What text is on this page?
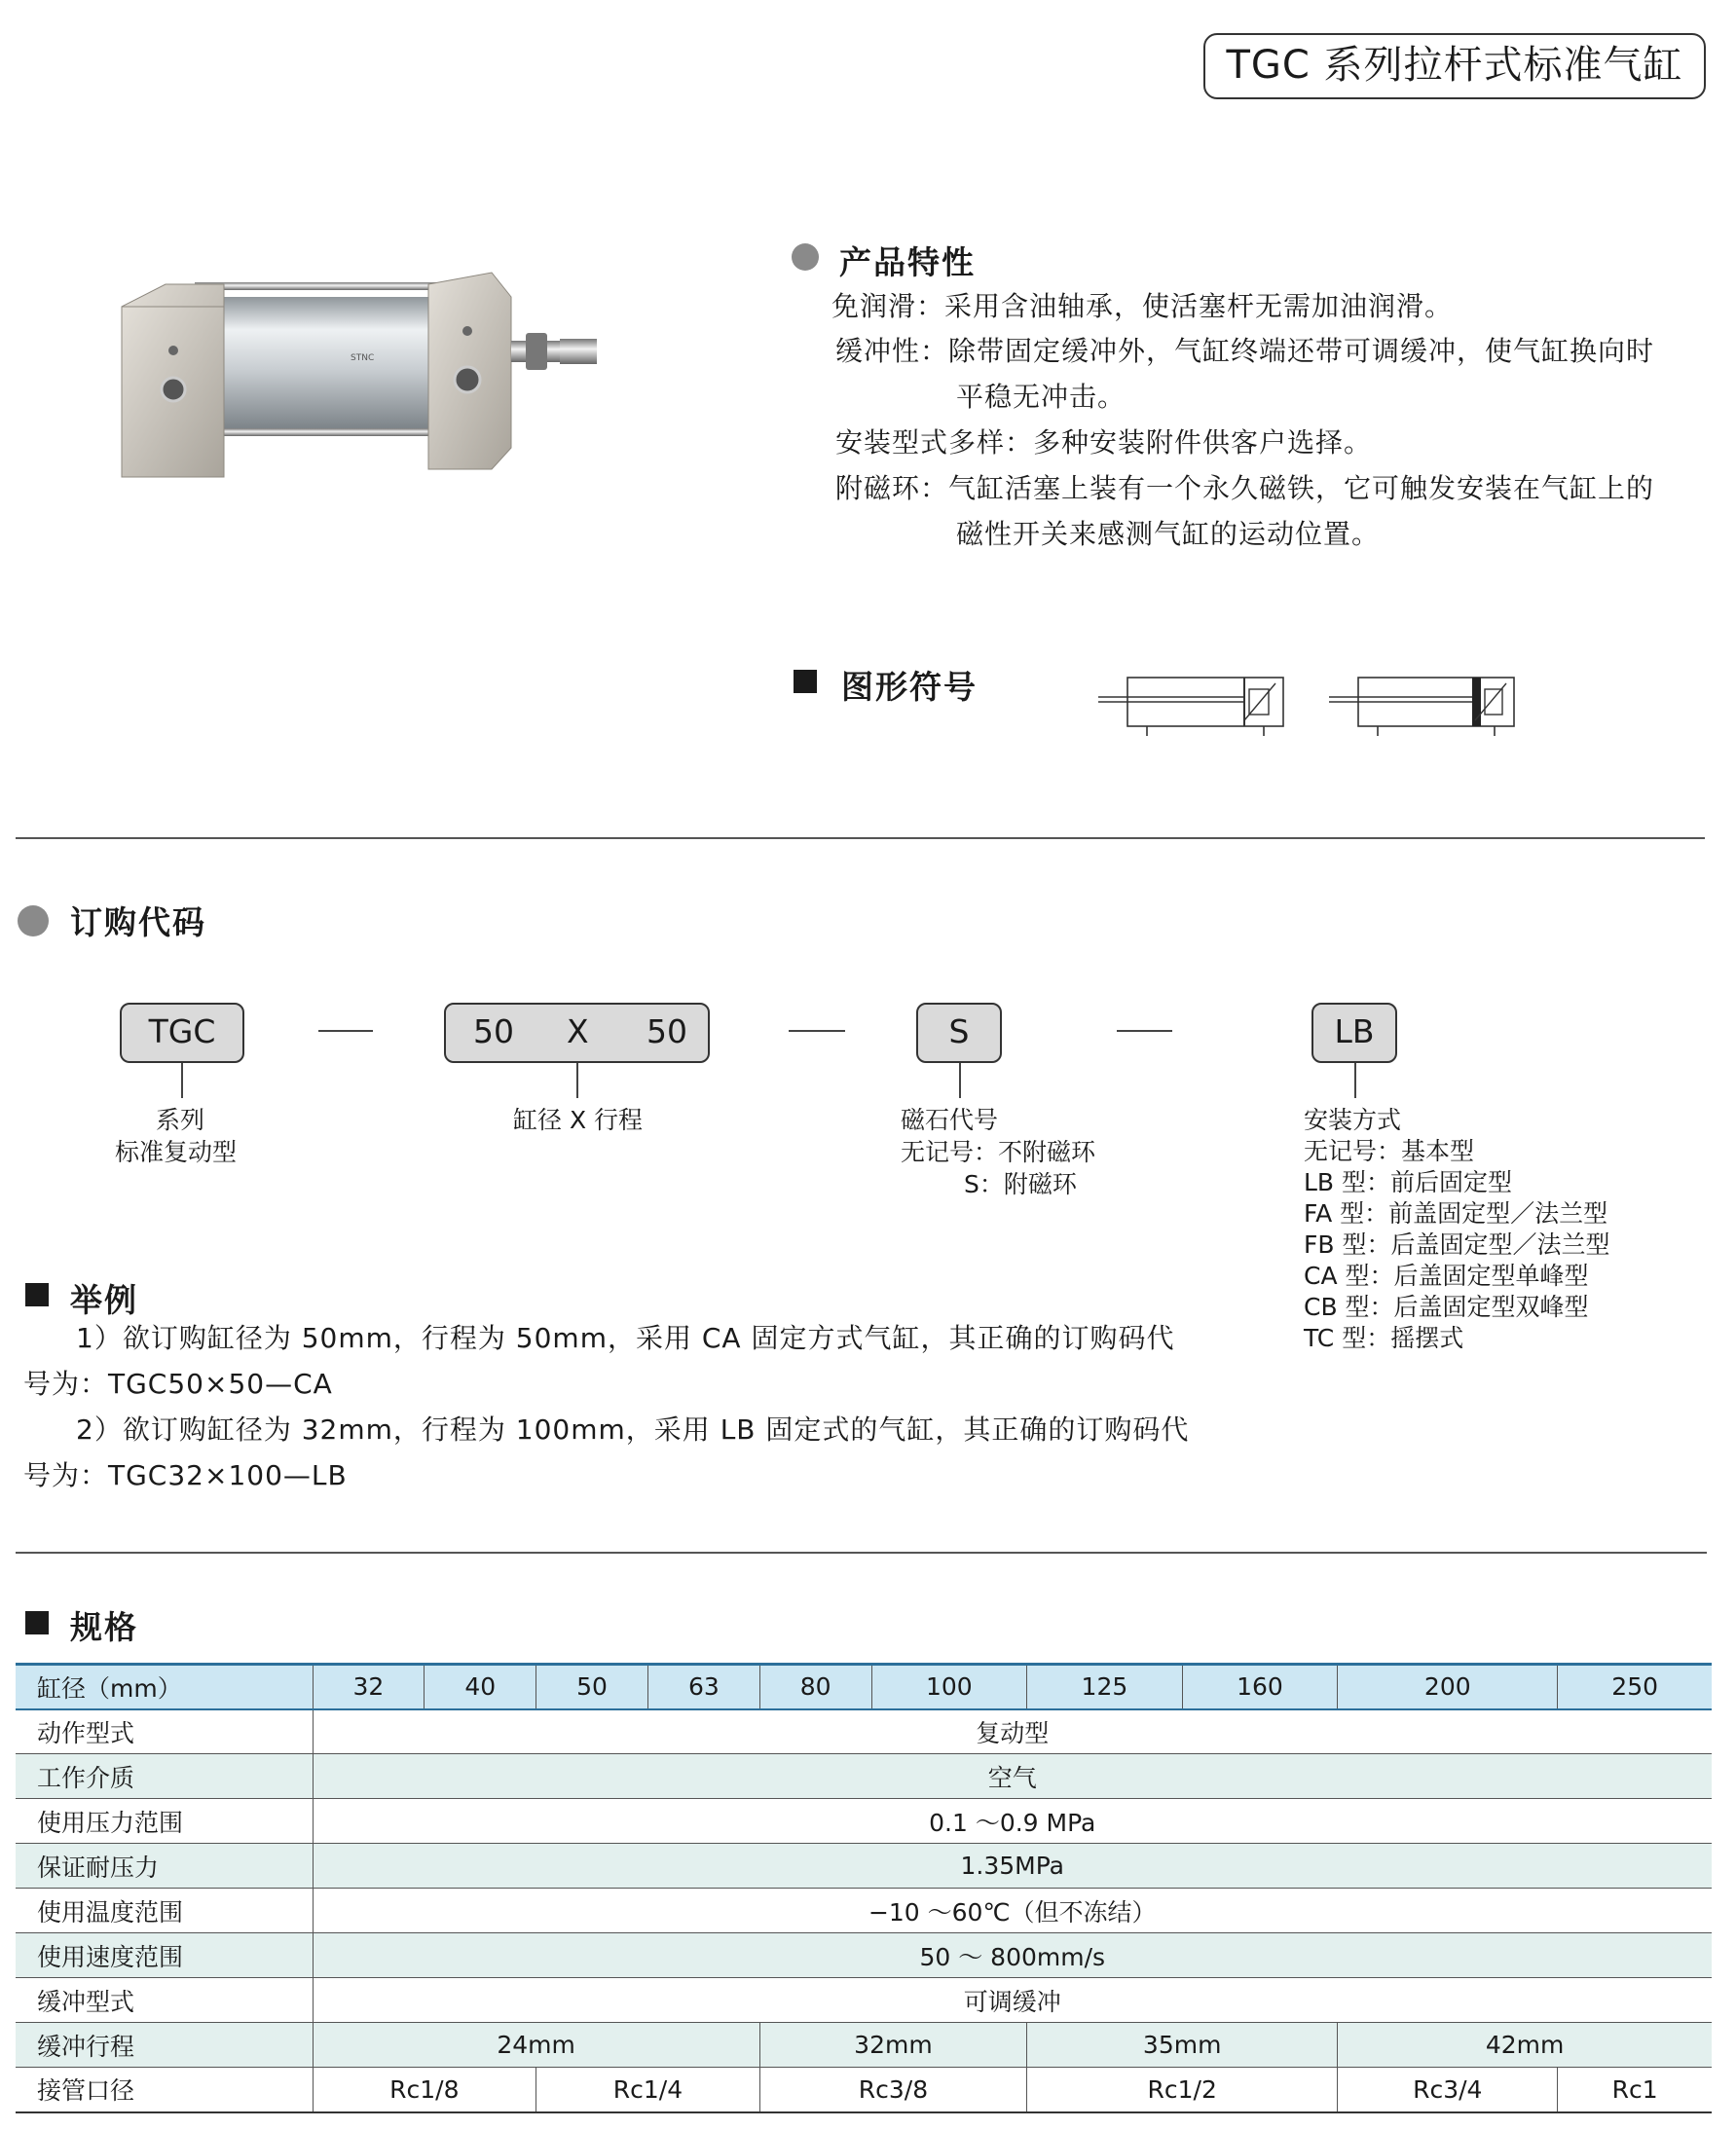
TGC 系列拉杆式标准气缸
STNC
产品特性
免润滑：采用含油轴承，使活塞杆无需加油润滑。
缓冲性：除带固定缓冲外，气缸终端还带可调缓冲，使气缸换向时
平稳无冲击。
安装型式多样：多种安装附件供客户选择。
附磁环：气缸活塞上装有一个永久磁铁，它可触发安装在气缸上的
磁性开关来感测气缸的运动位置。
图形符号
订购代码
TGC	50 X 50	S	LB
系列
标准复动型
缸径 X 行程	磁石代号
无记号：不附磁环
S：附磁环
安装方式
无记号：基本型
LB 型：前后固定型
FA 型：前盖固定型／法兰型
FB 型：后盖固定型／法兰型
CA 型：后盖固定型单峰型
CB 型：后盖固定型双峰型
TC 型：摇摆式
举例
1）欲订购缸径为 50mm，行程为 50mm，采用 CA 固定方式气缸，其正确的订购码代
号为：TGC50×50—CA
2）欲订购缸径为 32mm，行程为 100mm，采用 LB 固定式的气缸，其正确的订购码代
号为：TGC32×100—LB
规格
缸径（mm）	32	40	50	63	80	100	125	160	200	250
动作型式	复动型									
工作介质	空气									
使用压力范围	0.1 ～0.9 MPa									
保证耐压力	1.35MPa									
使用温度范围	−10 ～60℃（但不冻结）									
使用速度范围	50 ～ 800mm/s									
缓冲型式	可调缓冲									
缓冲行程	24mm				32mm		35mm		42mm	
接管口径	Rc1/8		Rc1/4		Rc3/8		Rc1/2		Rc3/4	Rc1
